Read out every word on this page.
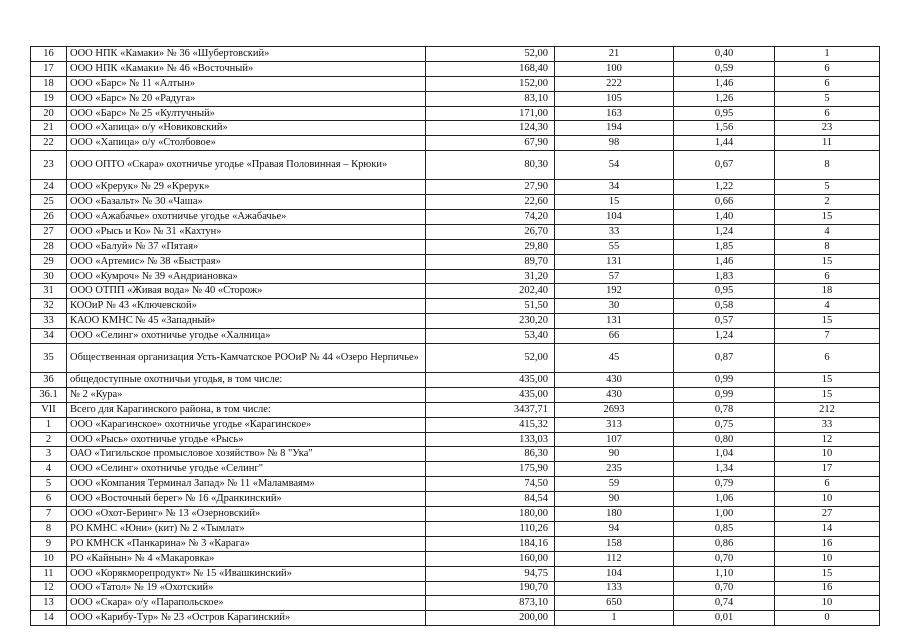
16	ООО НПК «Камаки» № 36 «Шубертовский»	52,00	21	0,40	1
17	ООО НПК «Камаки» № 46 «Восточный»	168,40	100	0,59	6
18	ООО «Барс» № 11 «Алтын»	152,00	222	1,46	6
19	ООО «Барс» № 20 «Радуга»	83,10	105	1,26	5
20	ООО «Барс» № 25 «Култучный»	171,00	163	0,95	6
21	ООО «Хапица» о/у «Новиковский»	124,30	194	1,56	23
22	ООО «Хапица» о/у «Столбовое»	67,90	98	1,44	11
23	ООО ОПТО «Скара» охотничье угодье «Правая Половинная – Крюки»	80,30	54	0,67	8
24	ООО «Крерук» № 29 «Крерук»	27,90	34	1,22	5
25	ООО «Базальт» № 30 «Чаша»	22,60	15	0,66	2
26	ООО «Ажабачье» охотничье угодье «Ажабачье»	74,20	104	1,40	15
27	ООО «Рысь и Ко» № 31 «Кахтун»	26,70	33	1,24	4
28	ООО «Балуй» № 37 «Пятая»	29,80	55	1,85	8
29	ООО «Артемис» № 38 «Быстрая»	89,70	131	1,46	15
30	ООО «Кумроч» № 39 «Андриановка»	31,20	57	1,83	6
31	ООО ОТПП «Живая вода» № 40 «Сторож»	202,40	192	0,95	18
32	КООиР № 43 «Ключевской»	51,50	30	0,58	4
33	КАОО КМНС № 45 «Западный»	230,20	131	0,57	15
34	ООО «Селинг» охотничье угодье «Халница»	53,40	66	1,24	7
35	Общественная организация Усть-Камчатское РООиР № 44 «Озеро Нерпичье»	52,00	45	0,87	6
36	общедоступные охотничьи угодья, в том числе:	435,00	430	0,99	15
36.1	№ 2 «Кура»	435,00	430	0,99	15
VII	Всего для Карагинского района, в том числе:	3437,71	2693	0,78	212
1	ООО «Карагинское» охотничье угодье «Карагинское»	415,32	313	0,75	33
2	ООО «Рысь» охотничье угодье «Рысь»	133,03	107	0,80	12
3	ОАО «Тигильское промысловое хозяйство» № 8 "Ука"	86,30	90	1,04	10
4	ООО «Селинг» охотничье угодье «Селинг"	175,90	235	1,34	17
5	ООО «Компания Терминал Запад» № 11 «Маламваям»	74,50	59	0,79	6
6	ООО «Восточный берег» № 16 «Дранкинский»	84,54	90	1,06	10
7	ООО «Охот-Беринг» № 13 «Озерновский»	180,00	180	1,00	27
8	РО КМНС «Юни» (кит) № 2 «Тымлат»	110,26	94	0,85	14
9	РО КМНСК «Панкарина» № 3 «Карага»	184,16	158	0,86	16
10	РО «Кайнын» № 4 «Макаровка»	160,00	112	0,70	10
11	ООО «Корякморепродукт» № 15 «Ивашкинский»	94,75	104	1,10	15
12	ООО «Татол» № 19 «Охотский»	190,70	133	0,70	16
13	ООО «Скара» о/у «Парапольское»	873,10	650	0,74	10
14	ООО «Карибу-Тур» № 23 «Остров Карагинский»	200,00	1	0,01	0
